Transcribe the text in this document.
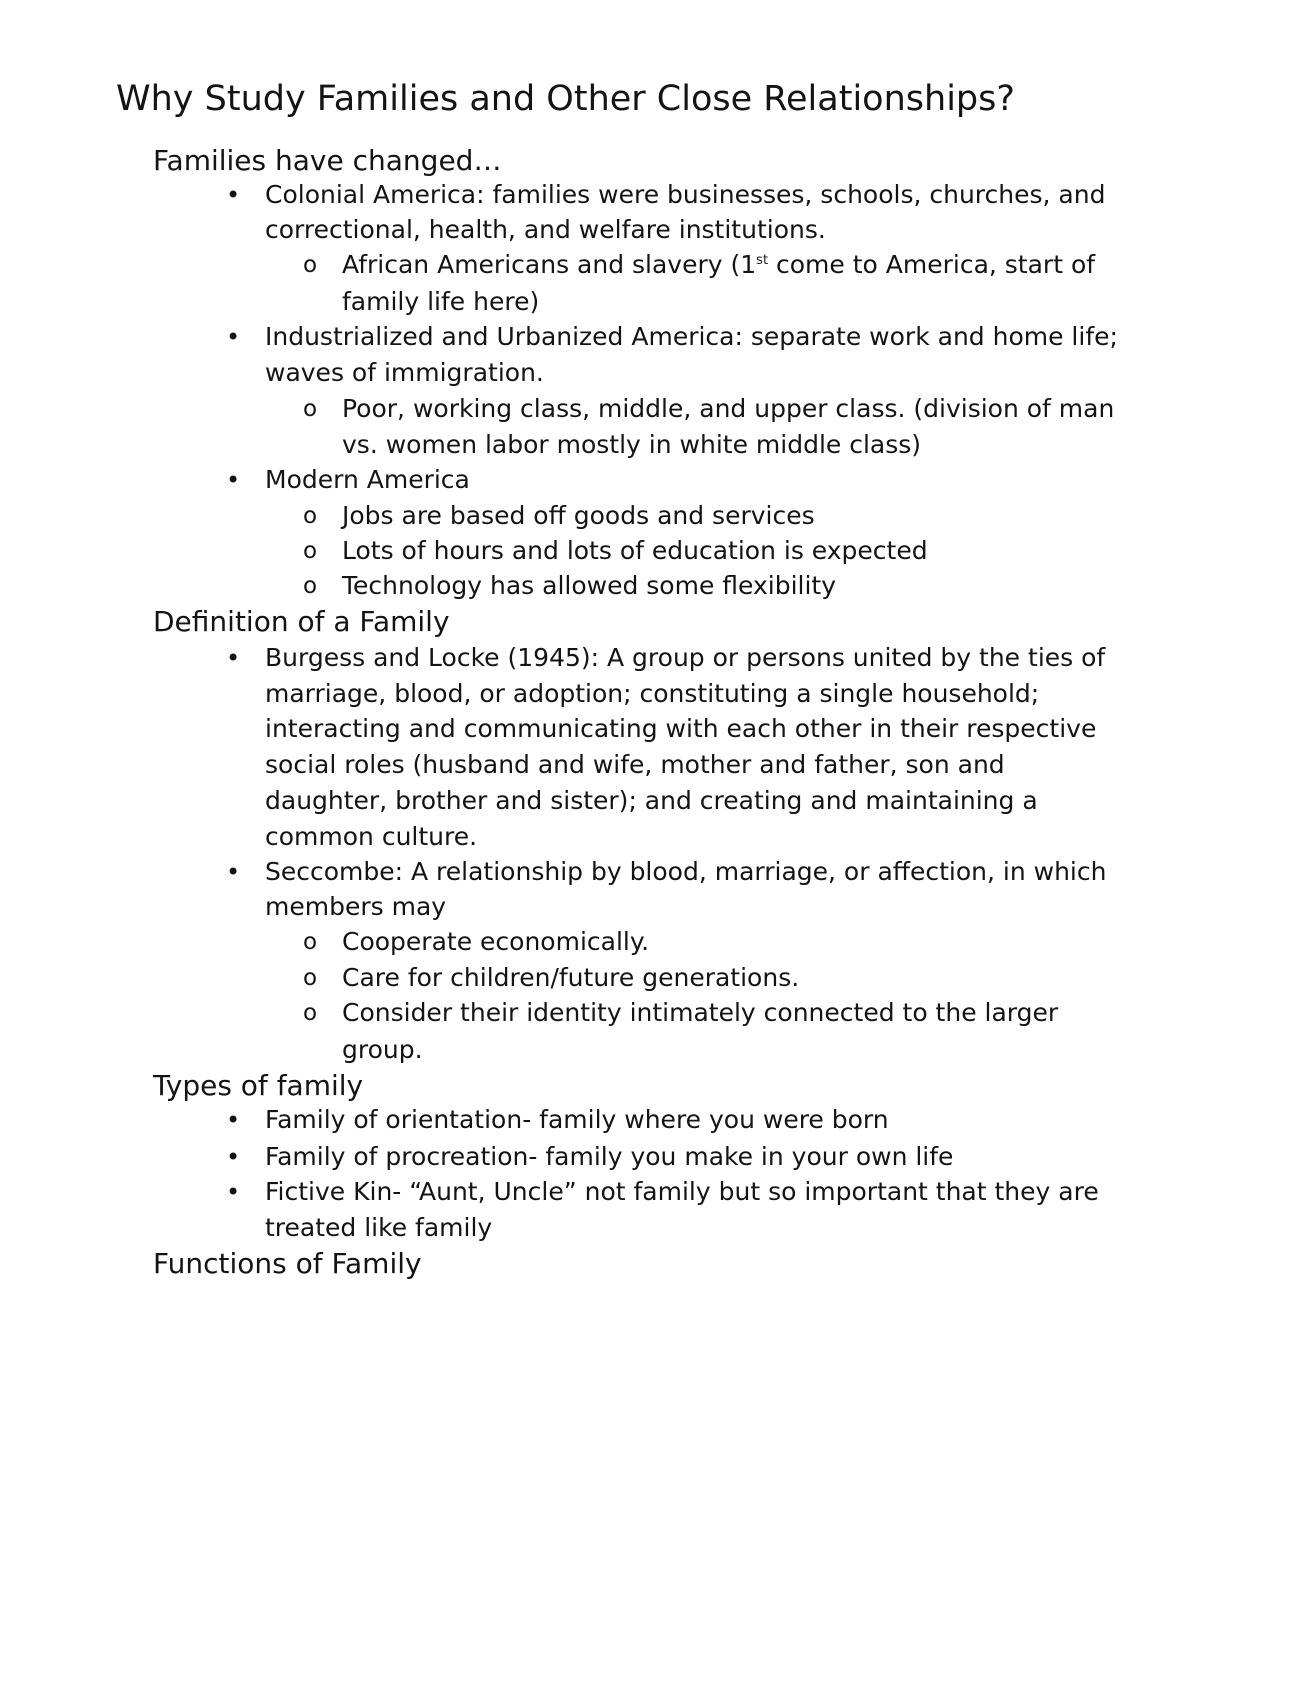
Why Study Families and Other Close Relationships?
Families have changed…
• Colonial America: families were businesses, schools, churches, and
correctional, health, and welfare institutions.
o African Americans and slavery (1st come to America, start of
family life here)
• Industrialized and Urbanized America: separate work and home life;
waves of immigration.
o Poor, working class, middle, and upper class. (division of man
vs. women labor mostly in white middle class)
• Modern America
o Jobs are based off goods and services
o Lots of hours and lots of education is expected
o Technology has allowed some flexibility
Definition of a Family
• Burgess and Locke (1945): A group or persons united by the ties of
marriage, blood, or adoption; constituting a single household;
interacting and communicating with each other in their respective
social roles (husband and wife, mother and father, son and
daughter, brother and sister); and creating and maintaining a
common culture.
• Seccombe: A relationship by blood, marriage, or affection, in which
members may
o Cooperate economically.
o Care for children/future generations.
o Consider their identity intimately connected to the larger
group.
Types of family
• Family of orientation- family where you were born
• Family of procreation- family you make in your own life
• Fictive Kin- “Aunt, Uncle” not family but so important that they are
treated like family
Functions of Family
